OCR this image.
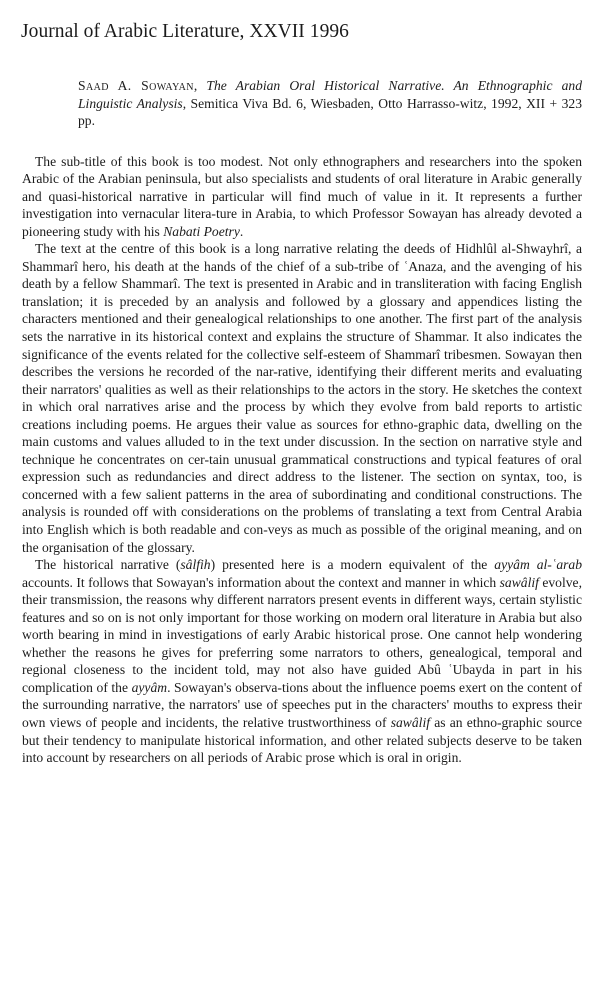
Journal of Arabic Literature, XXVII 1996
Saad A. Sowayan, The Arabian Oral Historical Narrative. An Ethnographic and Linguistic Analysis, Semitica Viva Bd. 6, Wiesbaden, Otto Harrasso-witz, 1992, XII + 323 pp.

The sub-title of this book is too modest. Not only ethnographers and researchers into the spoken Arabic of the Arabian peninsula, but also specialists and students of oral literature in Arabic generally and quasi-historical narrative in particular will find much of value in it. It represents a further investigation into vernacular litera-ture in Arabia, to which Professor Sowayan has already devoted a pioneering study with his Nabati Poetry.

The text at the centre of this book is a long narrative relating the deeds of Hidhlûl al-Shwayhrî, a Shammarî hero, his death at the hands of the chief of a sub-tribe of ʿAnaza, and the avenging of his death by a fellow Shammarî. The text is presented in Arabic and in transliteration with facing English translation; it is preceded by an analysis and followed by a glossary and appendices listing the characters mentioned and their genealogical relationships to one another. The first part of the analysis sets the narrative in its historical context and explains the structure of Shammar. It also indicates the significance of the events related for the collective self-esteem of Shammarî tribesmen. Sowayan then describes the versions he recorded of the nar-rative, identifying their different merits and evaluating their narrators' qualities as well as their relationships to the actors in the story. He sketches the context in which oral narratives arise and the process by which they evolve from bald reports to artistic creations including poems. He argues their value as sources for ethno-graphic data, dwelling on the main customs and values alluded to in the text under discussion. In the section on narrative style and technique he concentrates on cer-tain unusual grammatical constructions and typical features of oral expression such as redundancies and direct address to the listener. The section on syntax, too, is concerned with a few salient patterns in the area of subordinating and conditional constructions. The analysis is rounded off with considerations on the problems of translating a text from Central Arabia into English which is both readable and con-veys as much as possible of the original meaning, and on the organisation of the glossary.

The historical narrative (sâlfih) presented here is a modern equivalent of the ayyâm al-ʿarab accounts. It follows that Sowayan's information about the context and manner in which sawâlif evolve, their transmission, the reasons why different narrators present events in different ways, certain stylistic features and so on is not only important for those working on modern oral literature in Arabia but also worth bearing in mind in investigations of early Arabic historical prose. One cannot help wondering whether the reasons he gives for preferring some narrators to others, genealogical, temporal and regional closeness to the incident told, may not also have guided Abû ʿUbayda in part in his complication of the ayyâm. Sowayan's observa-tions about the influence poems exert on the content of the surrounding narrative, the narrators' use of speeches put in the characters' mouths to express their own views of people and incidents, the relative trustworthiness of sawâlif as an ethno-graphic source but their tendency to manipulate historical information, and other related subjects deserve to be taken into account by researchers on all periods of Arabic prose which is oral in origin.
